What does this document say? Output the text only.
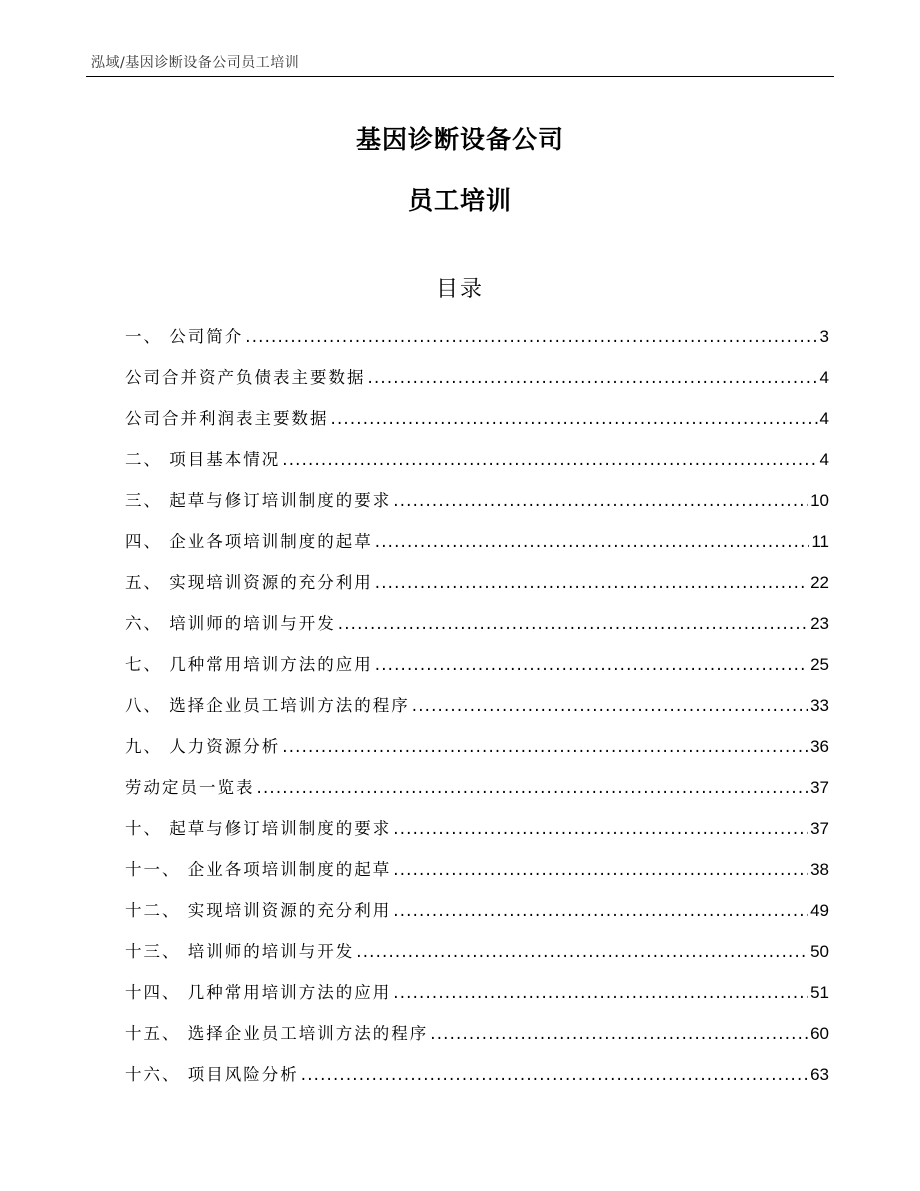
泓域/基因诊断设备公司员工培训
基因诊断设备公司
员工培训
目录
一、 公司简介 .....	3
公司合并资产负债表主要数据 .....	4
公司合并利润表主要数据 .....	4
二、 项目基本情况 .....	4
三、 起草与修订培训制度的要求 .....	10
四、 企业各项培训制度的起草 .....	11
五、 实现培训资源的充分利用 .....	22
六、 培训师的培训与开发 .....	23
七、 几种常用培训方法的应用 .....	25
八、 选择企业员工培训方法的程序 .....	33
九、 人力资源分析 .....	36
劳动定员一览表 .....	37
十、 起草与修订培训制度的要求 .....	37
十一、 企业各项培训制度的起草 .....	38
十二、 实现培训资源的充分利用 .....	49
十三、 培训师的培训与开发 .....	50
十四、 几种常用培训方法的应用 .....	51
十五、 选择企业员工培训方法的程序 .....	60
十六、 项目风险分析 .....	63
